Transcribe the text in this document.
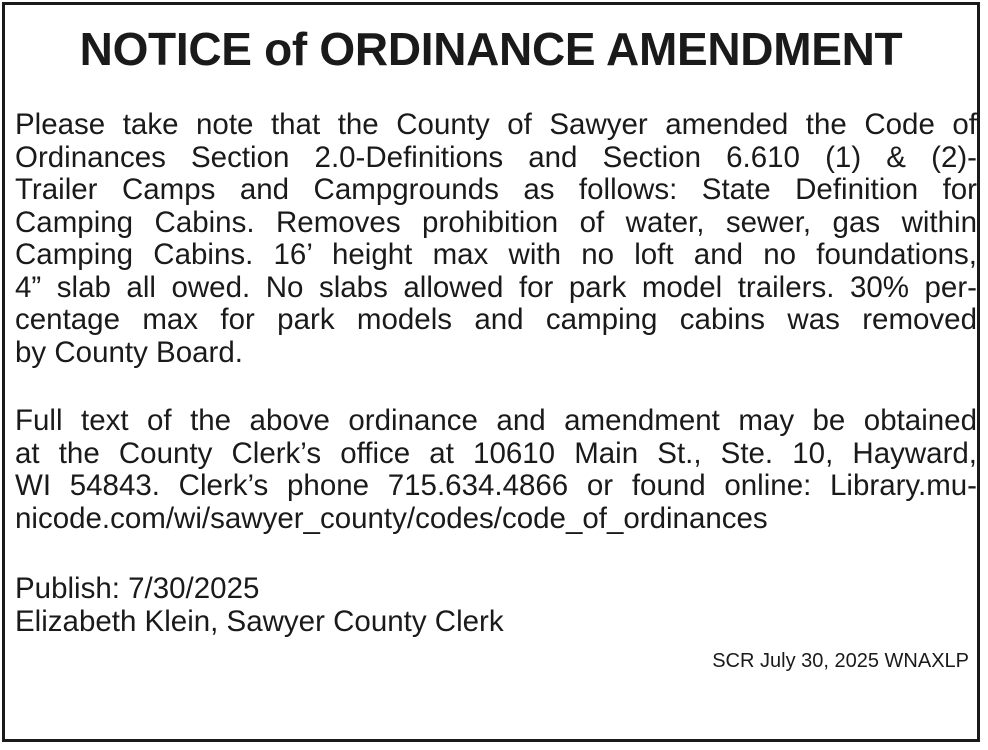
NOTICE of ORDINANCE AMENDMENT

Please take note that the County of Sawyer amended the Code of
Ordinances Section 2.0-Definitions and Section 6.610 (1) & (2)-
Trailer Camps and Campgrounds as follows: State Definition for
Camping Cabins. Removes prohibition of water, sewer, gas within
Camping Cabins. 16’ height max with no loft and no foundations,
4” slab all owed. No slabs allowed for park model trailers. 30% per-
centage max for park models and camping cabins was removed
by County Board.

Full text of the above ordinance and amendment may be obtained
at the County Clerk’s office at 10610 Main St., Ste. 10, Hayward,
WI 54843. Clerk’s phone 715.634.4866 or found online: Library.mu-
nicode.com/wi/sawyer_county/codes/code_of_ordinances

Publish: 7/30/2025
Elizabeth Klein, Sawyer County Clerk
SCR July 30, 2025 WNAXLP
